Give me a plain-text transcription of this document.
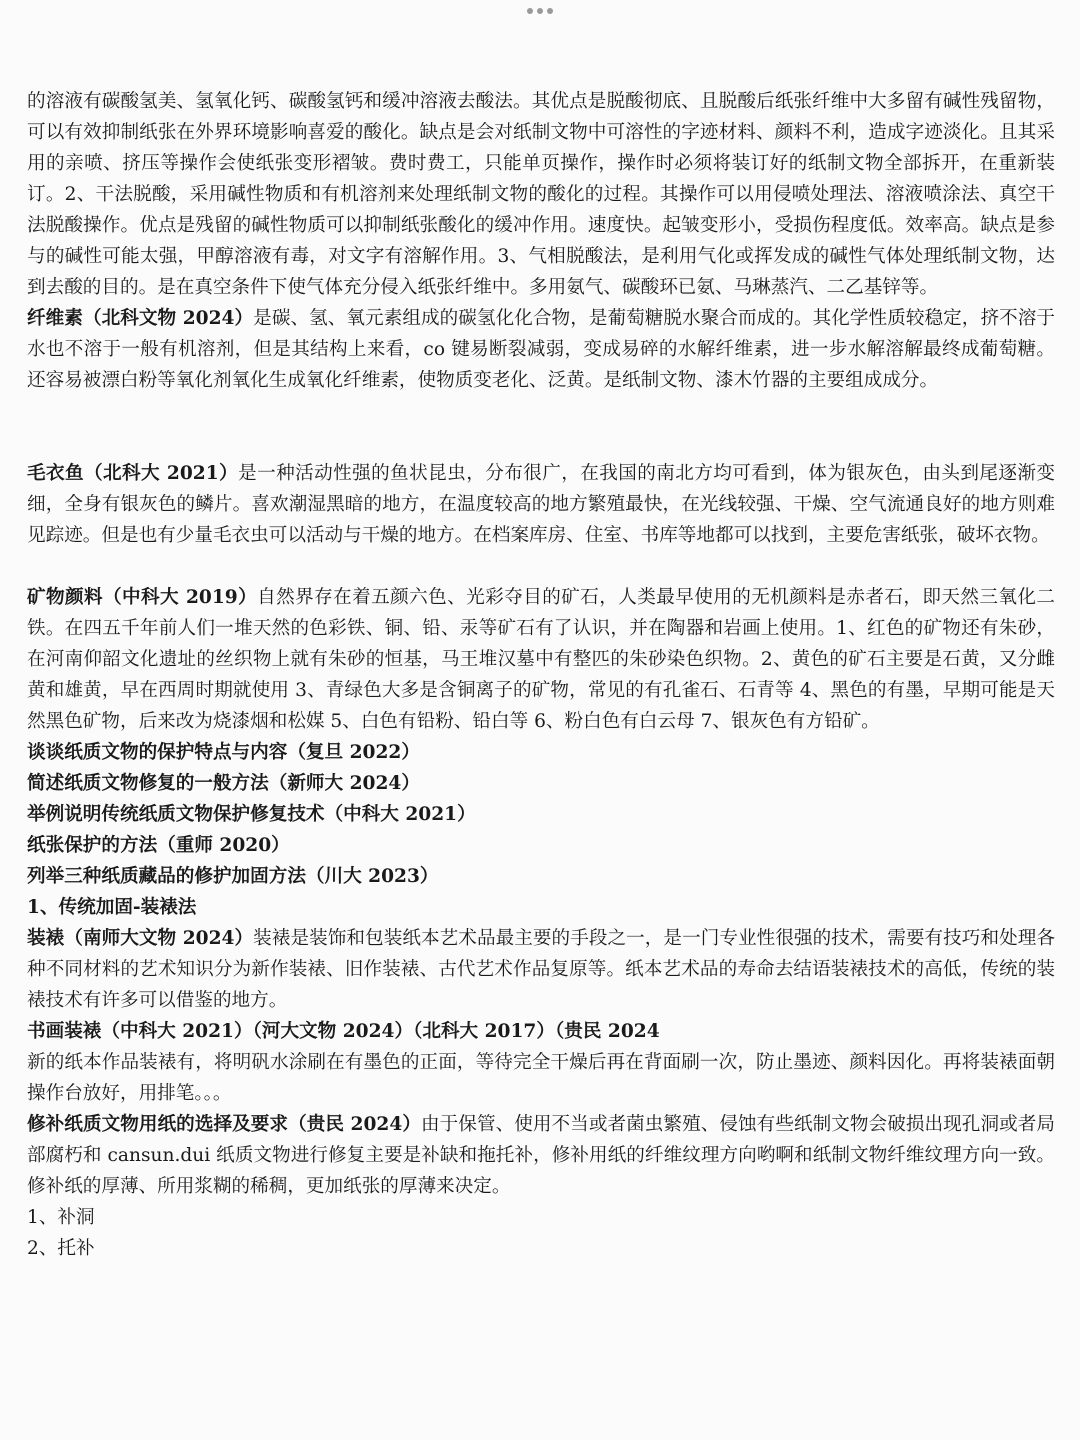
的溶液有碳酸氢美、氢氧化钙、碳酸氢钙和缓冲溶液去酸法。其优点是脱酸彻底、且脱酸后纸张纤维中大多留有碱性残留物，可以有效抑制纸张在外界环境影响喜爱的酸化。缺点是会对纸制文物中可溶性的字迹材料、颜料不利，造成字迹淡化。且其采用的亲喷、挤压等操作会使纸张变形褶皱。费时费工，只能单页操作，操作时必须将装订好的纸制文物全部拆开，在重新装订。2、干法脱酸，采用碱性物质和有机溶剂来处理纸制文物的酸化的过程。其操作可以用侵喷处理法、溶液喷涂法、真空干法脱酸操作。优点是残留的碱性物质可以抑制纸张酸化的缓冲作用。速度快。起皱变形小，受损伤程度低。效率高。缺点是参与的碱性可能太强，甲醇溶液有毒，对文字有溶解作用。3、气相脱酸法，是利用气化或挥发成的碱性气体处理纸制文物，达到去酸的目的。是在真空条件下使气体充分侵入纸张纤维中。多用氨气、碳酸环已氨、马琳蒸汽、二乙基锌等。

纤维素（北科文物 2024）是碳、氢、氧元素组成的碳氢化化合物，是葡萄糖脱水聚合而成的。其化学性质较稳定，挤不溶于水也不溶于一般有机溶剂，但是其结构上来看，co 键易断裂减弱，变成易碎的水解纤维素，进一步水解溶解最终成葡萄糖。还容易被漂白粉等氧化剂氧化生成氧化纤维素，使物质变老化、泛黄。是纸制文物、漆木竹器的主要组成成分。

毛衣鱼（北科大 2021）是一种活动性强的鱼状昆虫，分布很广，在我国的南北方均可看到，体为银灰色，由头到尾逐渐变细，全身有银灰色的鳞片。喜欢潮湿黑暗的地方，在温度较高的地方繁殖最快，在光线较强、干燥、空气流通良好的地方则难见踪迹。但是也有少量毛衣虫可以活动与干燥的地方。在档案库房、住室、书库等地都可以找到，主要危害纸张，破坏衣物。

矿物颜料（中科大 2019）自然界存在着五颜六色、光彩夺目的矿石，人类最早使用的无机颜料是赤者石，即天然三氧化二铁。在四五千年前人们一堆天然的色彩铁、铜、铅、汞等矿石有了认识，并在陶器和岩画上使用。1、红色的矿物还有朱砂，在河南仰韶文化遗址的丝织物上就有朱砂的恒基，马王堆汉墓中有整匹的朱砂染色织物。2、黄色的矿石主要是石黄，又分雌黄和雄黄，早在西周时期就使用 3、青绿色大多是含铜离子的矿物，常见的有孔雀石、石青等 4、黑色的有墨，早期可能是天然黑色矿物，后来改为烧漆烟和松媒 5、白色有铅粉、铅白等 6、粉白色有白云母 7、银灰色有方铅矿。

谈谈纸质文物的保护特点与内容（复旦 2022）

简述纸质文物修复的一般方法（新师大 2024）

举例说明传统纸质文物保护修复技术（中科大 2021）

纸张保护的方法（重师 2020）

列举三种纸质藏品的修护加固方法（川大 2023）

1、传统加固-装裱法

装裱（南师大文物 2024）装裱是装饰和包装纸本艺术品最主要的手段之一，是一门专业性很强的技术，需要有技巧和处理各种不同材料的艺术知识分为新作装裱、旧作装裱、古代艺术作品复原等。纸本艺术品的寿命去结语装裱技术的高低，传统的装裱技术有许多可以借鉴的地方。

书画装裱（中科大 2021）（河大文物 2024）（北科大 2017）（贵民 2024

新的纸本作品装裱有，将明矾水涂刷在有墨色的正面，等待完全干燥后再在背面刷一次，防止墨迹、颜料因化。再将装裱面朝操作台放好，用排笔。。。

修补纸质文物用纸的选择及要求（贵民 2024）由于保管、使用不当或者菌虫繁殖、侵蚀有些纸制文物会破损出现孔洞或者局部腐朽和 cansun.dui 纸质文物进行修复主要是补缺和拖托补，修补用纸的纤维纹理方向哟啊和纸制文物纤维纹理方向一致。修补纸的厚薄、所用浆糊的稀稠，更加纸张的厚薄来决定。

1、补洞

2、托补
